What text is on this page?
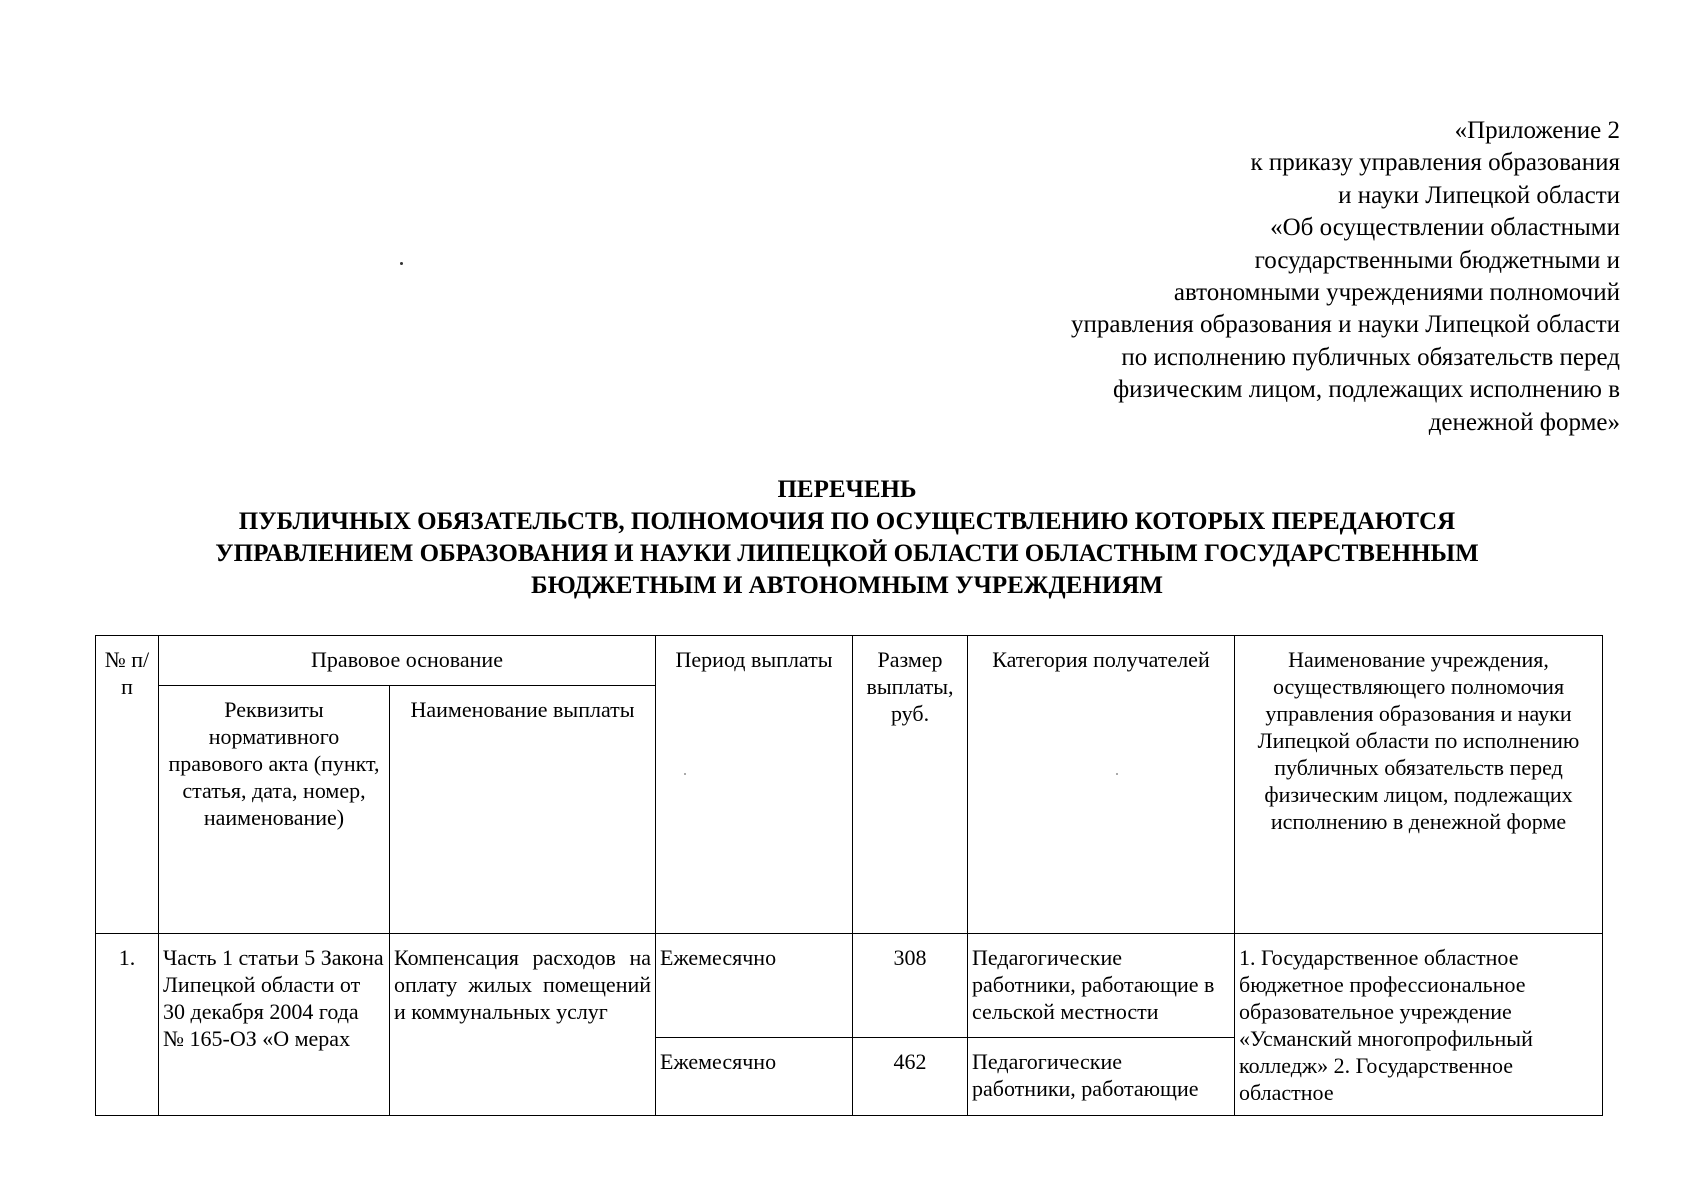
«Приложение 2
к приказу управления образования
и науки Липецкой области
«Об осуществлении областными
государственными бюджетными и
автономными учреждениями полномочий
управления образования и науки Липецкой области
по исполнению публичных обязательств перед
физическим лицом, подлежащих исполнению в
денежной форме»
ПЕРЕЧЕНЬ
ПУБЛИЧНЫХ ОБЯЗАТЕЛЬСТВ, ПОЛНОМОЧИЯ ПО ОСУЩЕСТВЛЕНИЮ КОТОРЫХ ПЕРЕДАЮТСЯ
УПРАВЛЕНИЕМ ОБРАЗОВАНИЯ И НАУКИ ЛИПЕЦКОЙ ОБЛАСТИ ОБЛАСТНЫМ ГОСУДАРСТВЕННЫМ
БЮДЖЕТНЫМ И АВТОНОМНЫМ УЧРЕЖДЕНИЯМ
№ п/п	Правовое основание		Период выплаты	Размер выплаты, руб.	Категория получателей	Наименование учреждения, осуществляющего полномочия управления образования и науки Липецкой области по исполнению публичных обязательств перед физическим лицом, подлежащих исполнению в денежной форме
	Реквизиты нормативного правового акта (пункт, статья, дата, номер, наименование)	Наименование выплаты				
1.	Часть 1 статьи 5 Закона Липецкой области от 30 декабря 2004 года № 165-ОЗ «О мерах	Компенсация расходов на оплату жилых помещений и коммунальных услуг	Ежемесячно	308	Педагогические работники, работающие в сельской местности	1. Государственное областное бюджетное профессиональное образовательное учреждение «Усманский многопрофильный колледж» 2. Государственное областное
			Ежемесячно	462	Педагогические работники, работающие	
